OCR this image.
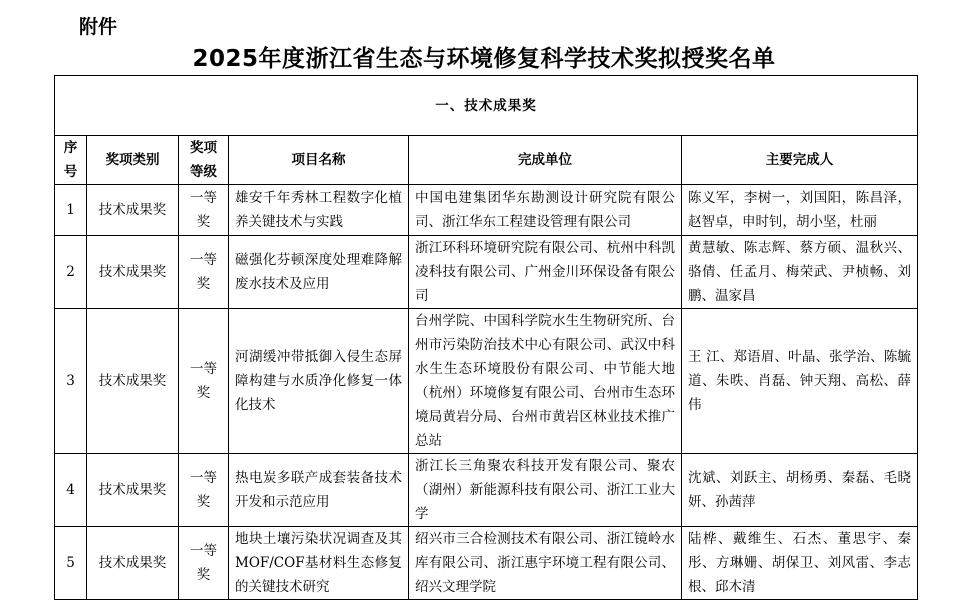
附件
2025年度浙江省生态与环境修复科学技术奖拟授奖名单
一、技术成果奖					
序号	奖项类别	奖项等级	项目名称	完成单位	主要完成人
1	技术成果奖	一等奖	雄安千年秀林工程数字化植养关键技术与实践	中国电建集团华东勘测设计研究院有限公司、浙江华东工程建设管理有限公司	陈义军，李树一，刘国阳，陈昌泽，赵智卓，申时钊，胡小坚，杜丽
2	技术成果奖	一等奖	磁强化芬顿深度处理难降解废水技术及应用	浙江环科环境研究院有限公司、杭州中科凯凌科技有限公司、广州金川环保设备有限公司	黄慧敏、陈志辉、蔡方硕、温秋兴、骆倩、任孟月、梅荣武、尹桢畅、刘鹏、温家昌
3	技术成果奖	一等奖	河湖缓冲带抵御入侵生态屏障构建与水质净化修复一体化技术	台州学院、中国科学院水生生物研究所、台州市污染防治技术中心有限公司、武汉中科水生生态环境股份有限公司、中节能大地（杭州）环境修复有限公司、台州市生态环境局黄岩分局、台州市黄岩区林业技术推广总站	王 江、郑语眉、叶晶、张学治、陈毓道、朱昳、肖磊、钟天翔、高松、薛伟
4	技术成果奖	一等奖	热电炭多联产成套装备技术开发和示范应用	浙江长三角聚农科技开发有限公司、聚农（湖州）新能源科技有限公司、浙江工业大学	沈斌、刘跃主、胡杨勇、秦磊、毛晓妍、孙茜萍
5	技术成果奖	一等奖	地块土壤污染状况调查及其MOF/COF基材料生态修复的关键技术研究	绍兴市三合检测技术有限公司、浙江镜岭水库有限公司、浙江惠宇环境工程有限公司、绍兴文理学院	陆桦、戴维生、石杰、董思宇、秦彤、方琳姗、胡保卫、刘风雷、李志根、邱木清
